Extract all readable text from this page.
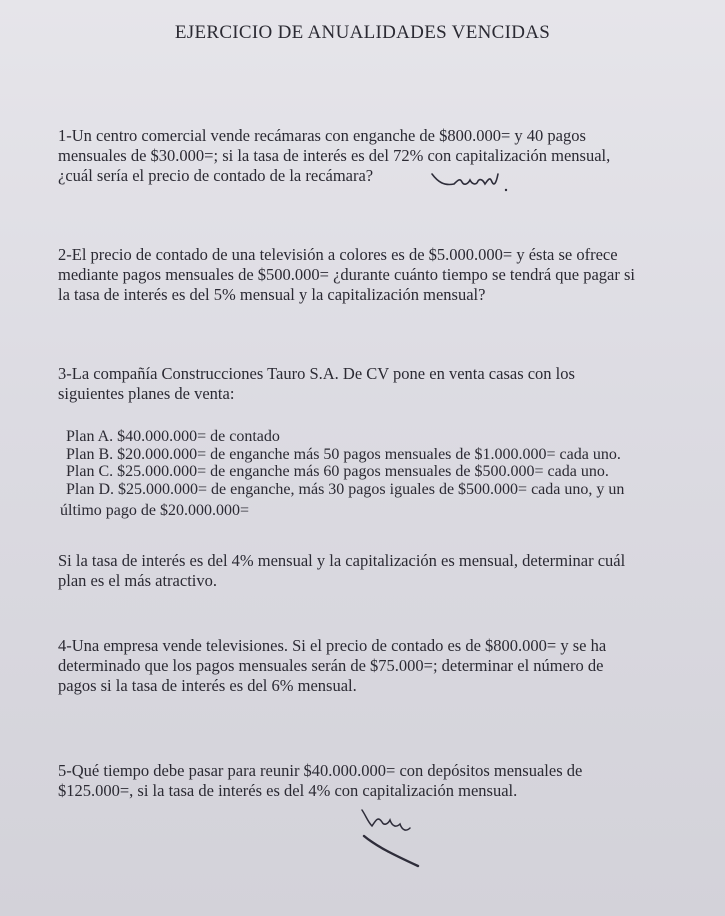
EJERCICIO DE ANUALIDADES VENCIDAS

1-Un centro comercial vende recámaras con enganche de $800.000= y 40 pagos
mensuales de $30.000=; si la tasa de interés es del 72% con capitalización mensual,
¿cuál sería el precio de contado de la recámara?

2-El precio de contado de una televisión a colores es de $5.000.000= y ésta se ofrece
mediante pagos mensuales de $500.000= ¿durante cuánto tiempo se tendrá que pagar si
la tasa de interés es del 5% mensual y la capitalización mensual?

3-La compañía Construcciones Tauro S.A. De CV pone en venta casas con los
siguientes planes de venta:

Plan A. $40.000.000= de contado
Plan B. $20.000.000= de enganche más 50 pagos mensuales de $1.000.000= cada uno.
Plan C. $25.000.000= de enganche más 60 pagos mensuales de $500.000= cada uno.
Plan D. $25.000.000= de enganche, más 30 pagos iguales de $500.000= cada uno, y un
último pago de $20.000.000=

Si la tasa de interés es del 4% mensual y la capitalización es mensual, determinar cuál
plan es el más atractivo.

4-Una empresa vende televisiones. Si el precio de contado es de $800.000= y se ha
determinado que los pagos mensuales serán de $75.000=; determinar el número de
pagos si la tasa de interés es del 6% mensual.

5-Qué tiempo debe pasar para reunir $40.000.000= con depósitos mensuales de
$125.000=, si la tasa de interés es del 4% con capitalización mensual.
